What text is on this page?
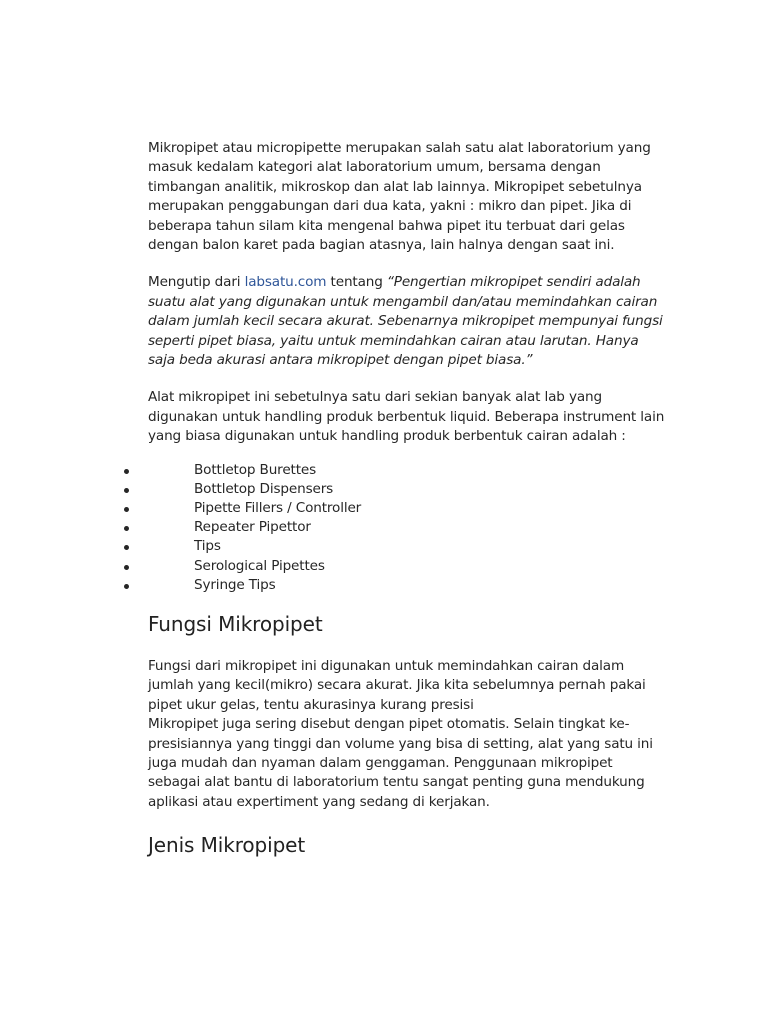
Mikropipet atau micropipette merupakan salah satu alat laboratorium yang masuk kedalam kategori alat laboratorium umum, bersama dengan timbangan analitik, mikroskop dan alat lab lainnya. Mikropipet sebetulnya merupakan penggabungan dari dua kata, yakni : mikro dan pipet. Jika di beberapa tahun silam kita mengenal bahwa pipet itu terbuat dari gelas dengan balon karet pada bagian atasnya, lain halnya dengan saat ini.

Mengutip dari labsatu.com tentang “Pengertian mikropipet sendiri adalah suatu alat yang digunakan untuk mengambil dan/atau memindahkan cairan dalam jumlah kecil secara akurat. Sebenarnya mikropipet mempunyai fungsi seperti pipet biasa, yaitu untuk memindahkan cairan atau larutan. Hanya saja beda akurasi antara mikropipet dengan pipet biasa.”

Alat mikropipet ini sebetulnya satu dari sekian banyak alat lab yang digunakan untuk handling produk berbentuk liquid. Beberapa instrument lain yang biasa digunakan untuk handling produk berbentuk cairan adalah :

Bottletop Burettes
Bottletop Dispensers
Pipette Fillers / Controller
Repeater Pipettor
Tips
Serological Pipettes
Syringe Tips
Fungsi Mikropipet

Fungsi dari mikropipet ini digunakan untuk memindahkan cairan dalam jumlah yang kecil(mikro) secara akurat. Jika kita sebelumnya pernah pakai pipet ukur gelas, tentu akurasinya kurang presisi

Mikropipet juga sering disebut dengan pipet otomatis. Selain tingkat ke-presisiannya yang tinggi dan volume yang bisa di setting, alat yang satu ini juga mudah dan nyaman dalam genggaman. Penggunaan mikropipet sebagai alat bantu di laboratorium tentu sangat penting guna mendukung aplikasi atau expertiment yang sedang di kerjakan.

Jenis Mikropipet
